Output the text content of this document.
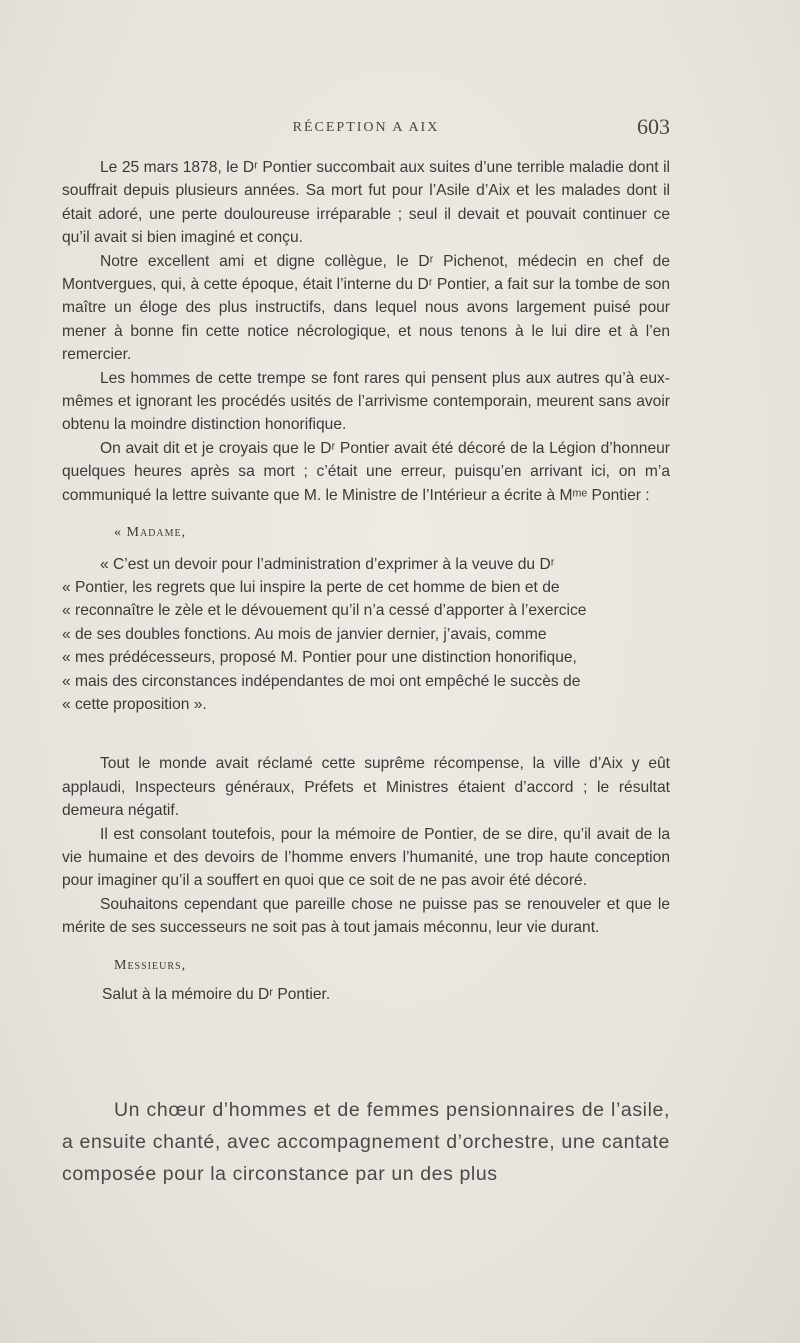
RÉCEPTION A AIX	603

Le 25 mars 1878, le Dʳ Pontier succombait aux suites d’une terrible maladie dont il souffrait depuis plusieurs années. Sa mort fut pour l’Asile d’Aix et les malades dont il était adoré, une perte douloureuse irréparable ; seul il devait et pouvait continuer ce qu’il avait si bien imaginé et conçu.

Notre excellent ami et digne collègue, le Dʳ Pichenot, médecin en chef de Montvergues, qui, à cette époque, était l’interne du Dʳ Pontier, a fait sur la tombe de son maître un éloge des plus instructifs, dans lequel nous avons largement puisé pour mener à bonne fin cette notice nécrologique, et nous tenons à le lui dire et à l’en remercier.

Les hommes de cette trempe se font rares qui pensent plus aux autres qu’à eux-mêmes et ignorant les procédés usités de l’arrivisme contemporain, meurent sans avoir obtenu la moindre distinction honorifique.

On avait dit et je croyais que le Dʳ Pontier avait été décoré de la Légion d’honneur quelques heures après sa mort ; c’était une erreur, puisqu’en arrivant ici, on m’a communiqué la lettre suivante que M. le Ministre de l’Intérieur a écrite à Mᵐᵉ Pontier :

« Madame,
« C’est un devoir pour l’administration d’exprimer à la veuve du Dʳ
« Pontier, les regrets que lui inspire la perte de cet homme de bien et de
« reconnaître le zèle et le dévouement qu’il n’a cessé d’apporter à l’exercice
« de ses doubles fonctions. Au mois de janvier dernier, j’avais, comme
« mes prédécesseurs, proposé M. Pontier pour une distinction honorifique,
« mais des circonstances indépendantes de moi ont empêché le succès de
« cette proposition ».

Tout le monde avait réclamé cette suprême récompense, la ville d’Aix y eût applaudi, Inspecteurs généraux, Préfets et Ministres étaient d’accord ; le résultat demeura négatif.

Il est consolant toutefois, pour la mémoire de Pontier, de se dire, qu’il avait de la vie humaine et des devoirs de l’homme envers l’humanité, une trop haute conception pour imaginer qu’il a souffert en quoi que ce soit de ne pas avoir été décoré.

Souhaitons cependant que pareille chose ne puisse pas se renouveler et que le mérite de ses successeurs ne soit pas à tout jamais méconnu, leur vie durant.

Messieurs,
Salut à la mémoire du Dʳ Pontier.

Un chœur d’hommes et de femmes pensionnaires de l’asile, a ensuite chanté, avec accompagnement d’orchestre, une cantate composée pour la circonstance par un des plus
